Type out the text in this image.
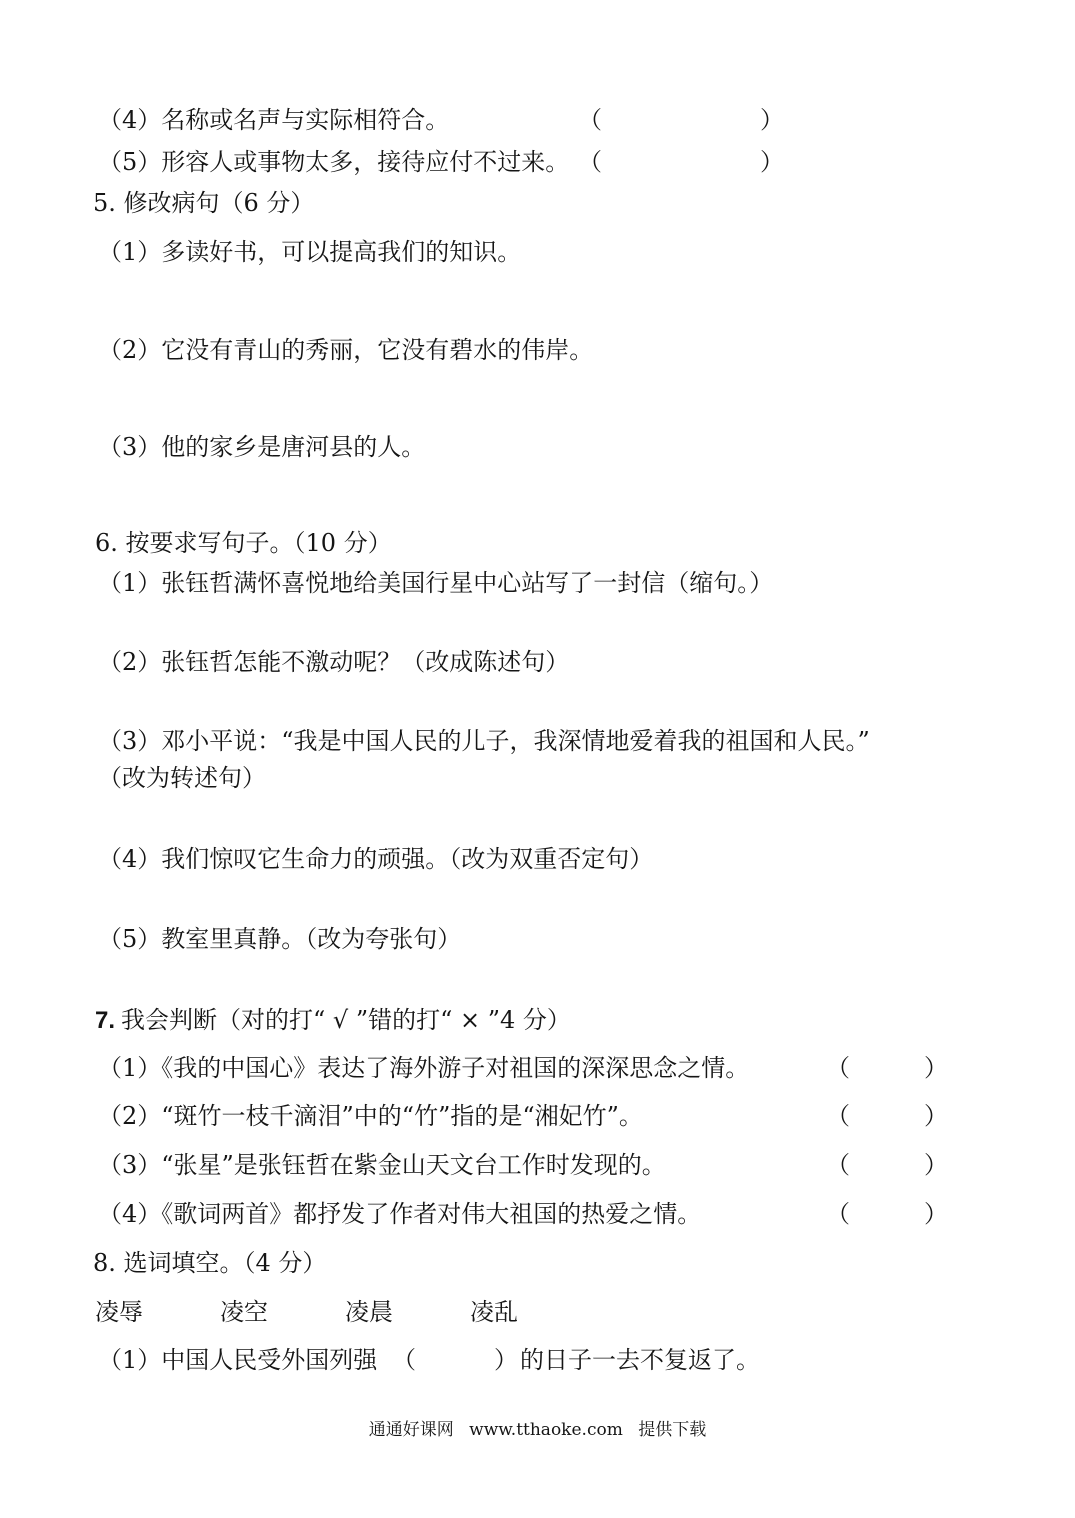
（4）名称或名声与实际相符合。	（	）
（5）形容人或事物太多，接待应付不过来。 （	）
5. 修改病句（6 分）
（1）多读好书，可以提高我们的知识。
（2）它没有青山的秀丽，它没有碧水的伟岸。
（3）他的家乡是唐河县的人。
6. 按要求写句子。（10 分）
（1）张钰哲满怀喜悦地给美国行星中心站写了一封信（缩句。）
（2）张钰哲怎能不激动呢？（改成陈述句）
（3）邓小平说：“我是中国人民的儿子，我深情地爱着我的祖国和人民。”
（改为转述句）
（4）我们惊叹它生命力的顽强。（改为双重否定句）
（5）教室里真静。（改为夸张句）
7. 我会判断（对的打“ √ ”错的打“ × ”4 分）
（1）《我的中国心》表达了海外游子对祖国的深深思念之情。	（	）
（2）“斑竹一枝千滴泪”中的“竹”指的是“湘妃竹”。	（	）
（3）“张星”是张钰哲在紫金山天文台工作时发现的。	（	）
（4）《歌词两首》都抒发了作者对伟大祖国的热爱之情。	（	）
8. 选词填空。（4 分）
凌辱	凌空	凌晨	凌乱
（1）中国人民受外国列强 （	） 的日子一去不复返了。
通通好课网 www.tthaoke.com 提供下载
